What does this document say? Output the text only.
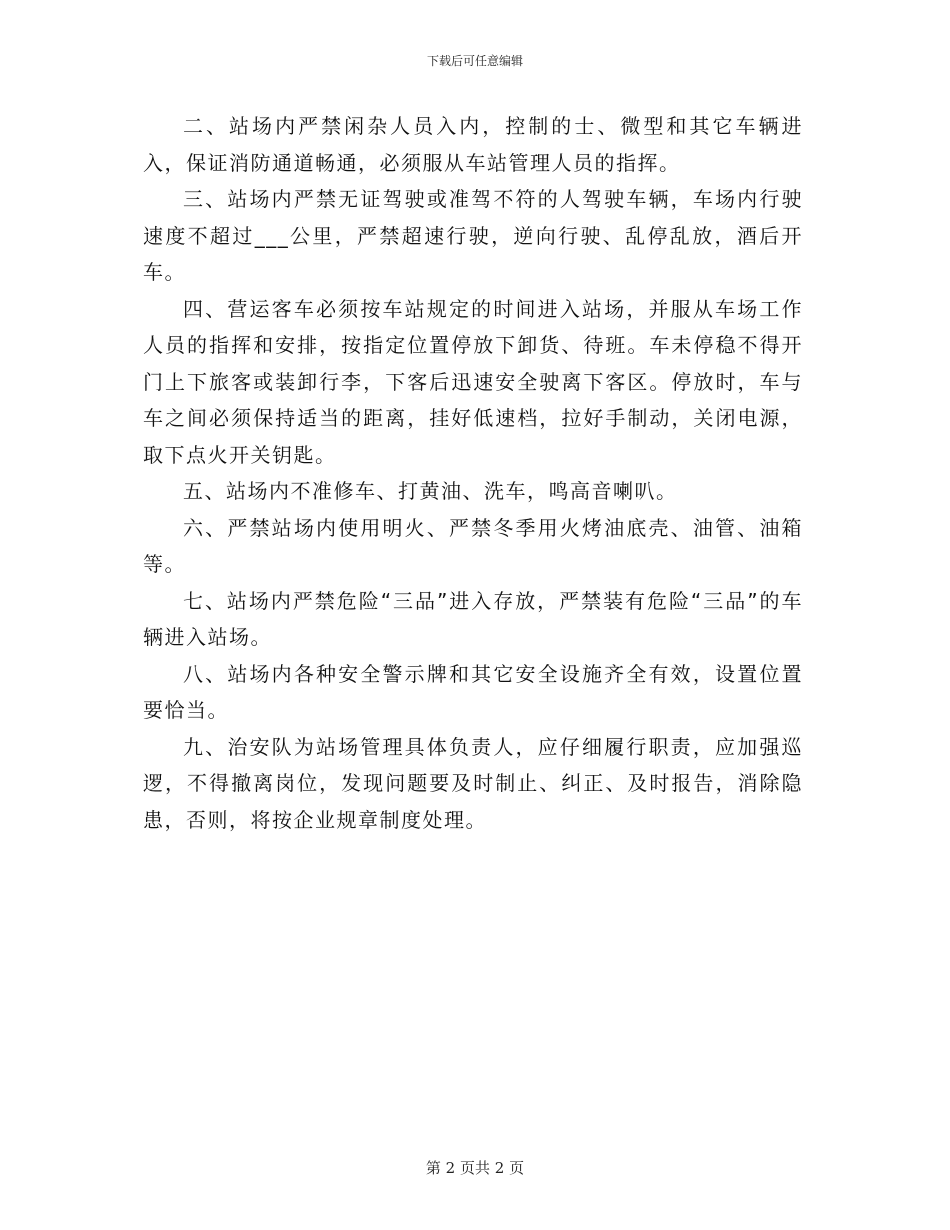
下载后可任意编辑

二、站场内严禁闲杂人员入内，控制的士、微型和其它车辆进入，保证消防通道畅通，必须服从车站管理人员的指挥。

三、站场内严禁无证驾驶或准驾不符的人驾驶车辆，车场内行驶速度不超过___公里，严禁超速行驶，逆向行驶、乱停乱放，酒后开车。

四、营运客车必须按车站规定的时间进入站场，并服从车场工作人员的指挥和安排，按指定位置停放下卸货、待班。车未停稳不得开门上下旅客或装卸行李，下客后迅速安全驶离下客区。停放时，车与车之间必须保持适当的距离，挂好低速档，拉好手制动，关闭电源，取下点火开关钥匙。

五、站场内不准修车、打黄油、洗车，鸣高音喇叭。

六、严禁站场内使用明火、严禁冬季用火烤油底壳、油管、油箱等。

七、站场内严禁危险“三品”进入存放，严禁装有危险“三品”的车辆进入站场。

八、站场内各种安全警示牌和其它安全设施齐全有效，设置位置要恰当。

九、治安队为站场管理具体负责人，应仔细履行职责，应加强巡逻，不得撤离岗位，发现问题要及时制止、纠正、及时报告，消除隐患，否则，将按企业规章制度处理。

第 2 页共 2 页
